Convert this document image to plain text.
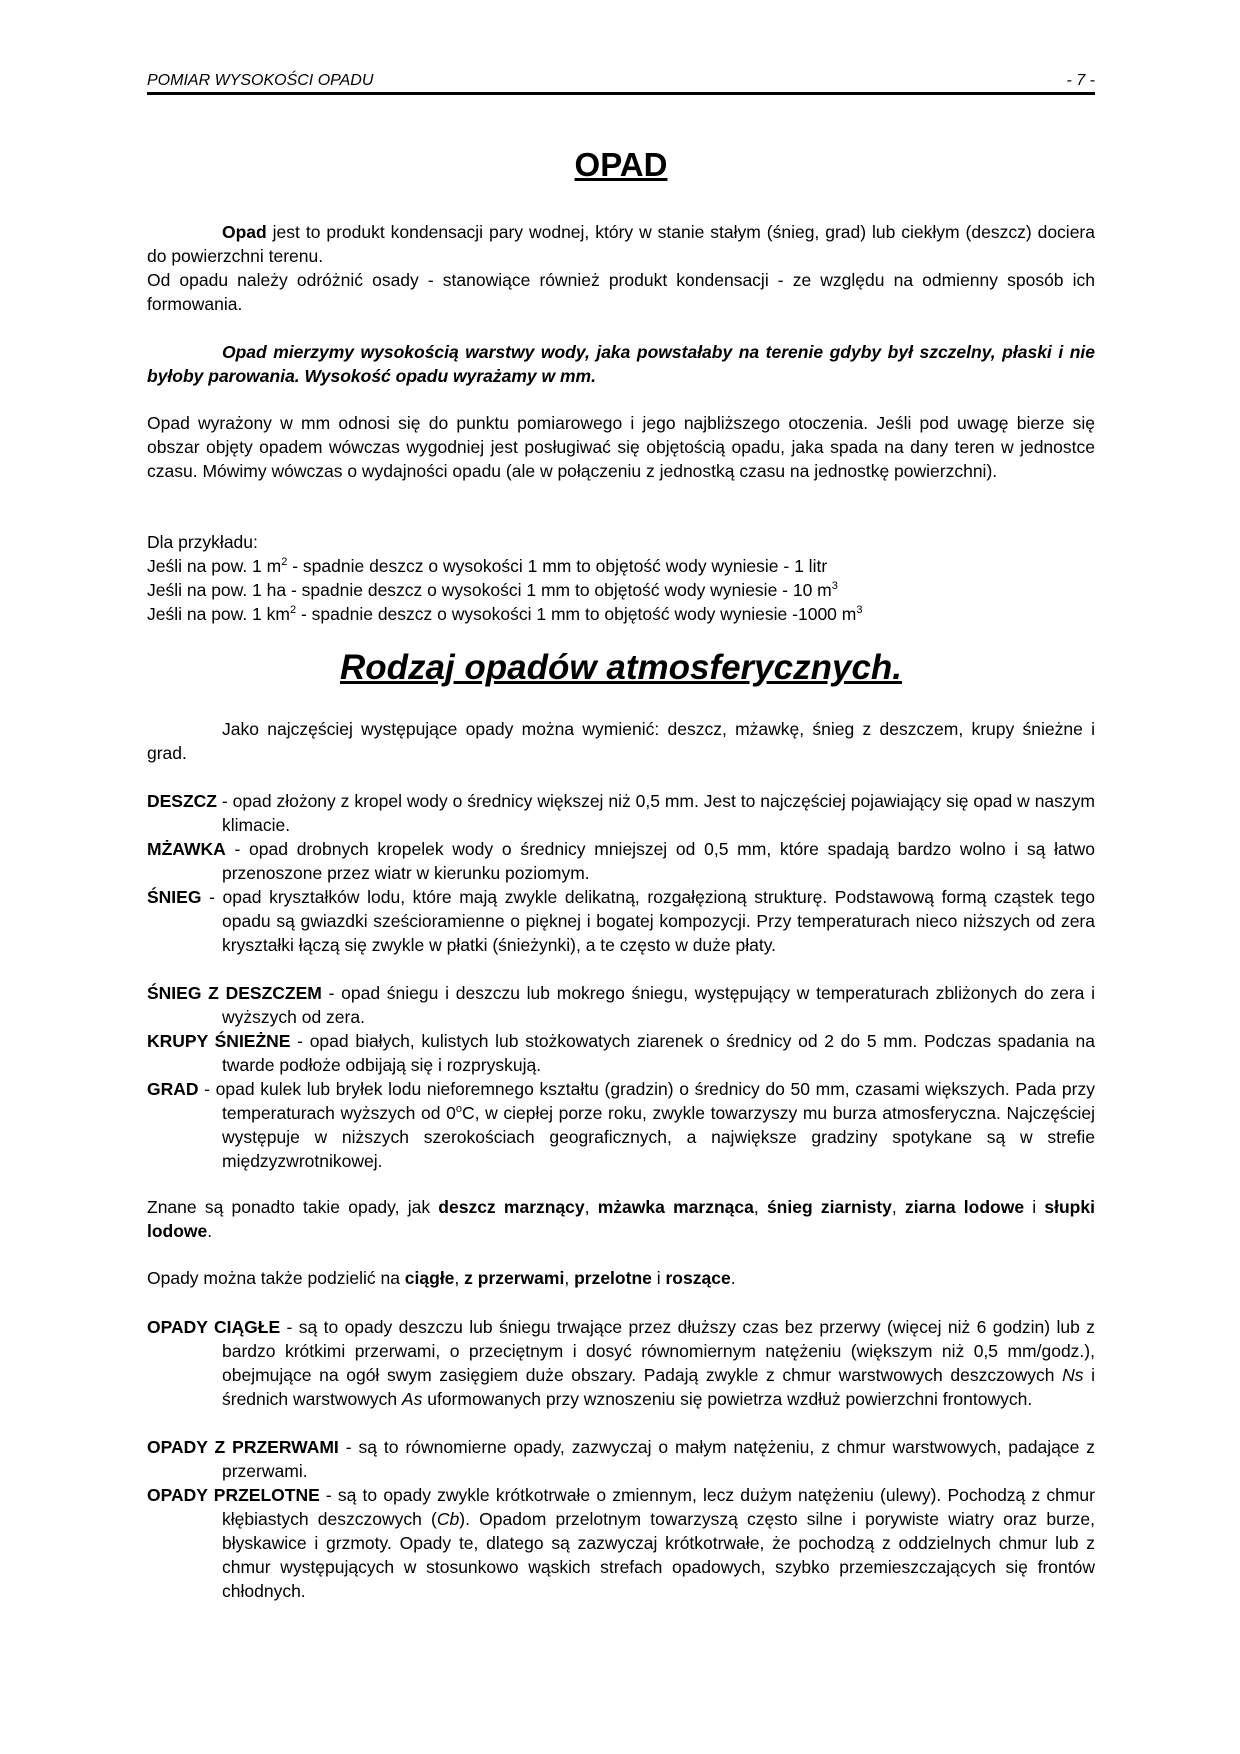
POMIAR WYSOKOŚCI OPADU	- 7 -
OPAD
Rodzaj opadów atmosferycznych.
Opad jest to produkt kondensacji pary wodnej, który w stanie stałym (śnieg, grad) lub ciekłym (deszcz) dociera do powierzchni terenu.
Od opadu należy odróżnić osady - stanowiące również produkt kondensacji - ze względu na odmienny sposób ich formowania.
Opad mierzymy wysokością warstwy wody, jaka powstałaby na terenie gdyby był szczelny, płaski i nie byłoby parowania. Wysokość opadu wyrażamy w mm.
Opad wyrażony w mm odnosi się do punktu pomiarowego i jego najbliższego otoczenia. Jeśli pod uwagę bierze się obszar objęty opadem wówczas wygodniej jest posługiwać się objętością opadu, jaka spada na dany teren w jednostce czasu. Mówimy wówczas o wydajności opadu (ale w połączeniu z jednostką czasu na jednostkę powierzchni).
Dla przykładu:
Jeśli na pow. 1 $m^2$ - spadnie deszcz o wysokości 1 mm to objętość wody wyniesie - 1 litr
Jeśli na pow. 1 ha - spadnie deszcz o wysokości 1 mm to objętość wody wyniesie - 10 $m^3$
Jeśli na pow. 1 $km^2$ - spadnie deszcz o wysokości 1 mm to objętość wody wyniesie -1000 $m^3$
Jako najczęściej występujące opady można wymienić: deszcz, mżawkę, śnieg z deszczem, krupy śnieżne i grad.
DESZCZ - opad złożony z kropel wody o średnicy większej niż 0,5 mm. Jest to najczęściej pojawiający się opad w naszym klimacie.
MŻAWKA - opad drobnych kropelek wody o średnicy mniejszej od 0,5 mm, które spadają bardzo wolno i są łatwo przenoszone przez wiatr w kierunku poziomym.
ŚNIEG - opad kryształków lodu, które mają zwykle delikatną, rozgałęzioną strukturę. Podstawową formą cząstek tego opadu są gwiazdki sześcioramienne o pięknej i bogatej kompozycji. Przy temperaturach nieco niższych od zera kryształki łączą się zwykle w płatki (śnieżynki), a te często w duże płaty.
ŚNIEG Z DESZCZEM - opad śniegu i deszczu lub mokrego śniegu, występujący w temperaturach zbliżonych do zera i wyższych od zera.
KRUPY ŚNIEŻNE - opad białych, kulistych lub stożkowatych ziarenek o średnicy od 2 do 5 mm. Podczas spadania na twarde podłoże odbijają się i rozpryskują.
GRAD - opad kulek lub bryłek lodu nieforemnego kształtu (gradzin) o średnicy do 50 mm, czasami większych. Pada przy temperaturach wyższych od 0$^o$C, w ciepłej porze roku, zwykle towarzyszy mu burza atmosferyczna. Najczęściej występuje w niższych szerokościach geograficznych, a największe gradziny spotykane są w strefie międzyzwrotnikowej.
Znane są ponadto takie opady, jak deszcz marznący, mżawka marznąca, śnieg ziarnisty, ziarna lodowe i słupki lodowe.
Opady można także podzielić na ciągłe, z przerwami, przelotne i roszące.
OPADY CIĄGŁE - są to opady deszczu lub śniegu trwające przez dłuższy czas bez przerwy (więcej niż 6 godzin) lub z bardzo krótkimi przerwami, o przeciętnym i dosyć równomiernym natężeniu (większym niż 0,5 mm/godz.), obejmujące na ogół swym zasięgiem duże obszary. Padają zwykle z chmur warstwowych deszczowych Ns i średnich warstwowych As uformowanych przy wznoszeniu się powietrza wzdłuż powierzchni frontowych.
OPADY Z PRZERWAMI - są to równomierne opady, zazwyczaj o małym natężeniu, z chmur warstwowych, padające z przerwami.
OPADY PRZELOTNE - są to opady zwykle krótkotrwałe o zmiennym, lecz dużym natężeniu (ulewy). Pochodzą z chmur kłębiastych deszczowych (Cb). Opadom przelotnym towarzyszą często silne i porywiste wiatry oraz burze, błyskawice i grzmoty. Opady te, dlatego są zazwyczaj krótkotrwałe, że pochodzą z oddzielnych chmur lub z chmur występujących w stosunkowo wąskich strefach opadowych, szybko przemieszczających się frontów chłodnych.
